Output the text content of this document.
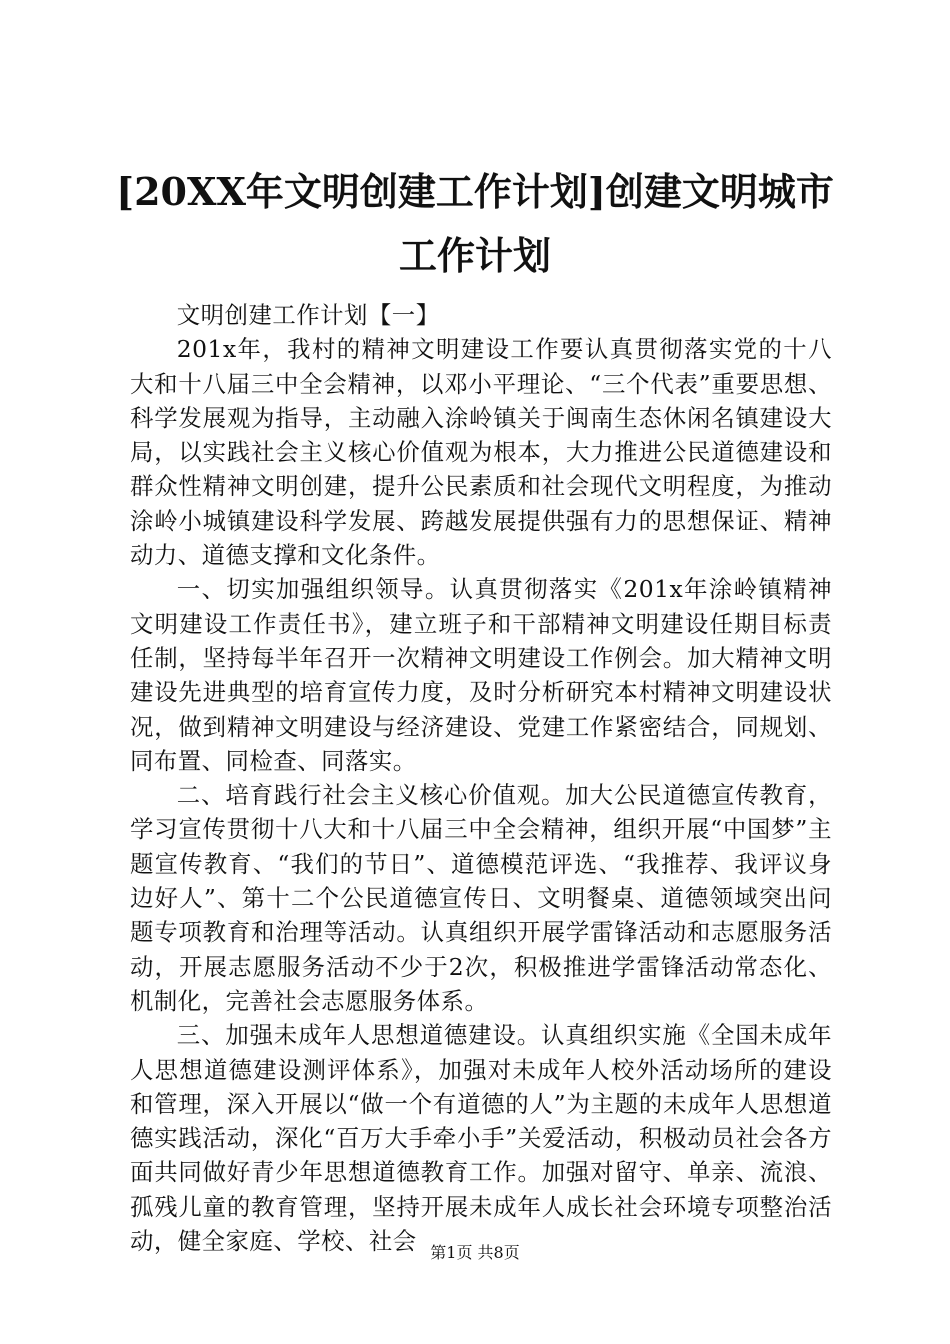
[20XX年文明创建工作计划]创建文明城市工作计划

文明创建工作计划【一】

201x年，我村的精神文明建设工作要认真贯彻落实党的十八大和十八届三中全会精神，以邓小平理论、“三个代表”重要思想、科学发展观为指导，主动融入涂岭镇关于闽南生态休闲名镇建设大局，以实践社会主义核心价值观为根本，大力推进公民道德建设和群众性精神文明创建，提升公民素质和社会现代文明程度，为推动涂岭小城镇建设科学发展、跨越发展提供强有力的思想保证、精神动力、道德支撑和文化条件。

一、切实加强组织领导。认真贯彻落实《201x年涂岭镇精神文明建设工作责任书》，建立班子和干部精神文明建设任期目标责任制，坚持每半年召开一次精神文明建设工作例会。加大精神文明建设先进典型的培育宣传力度，及时分析研究本村精神文明建设状况，做到精神文明建设与经济建设、党建工作紧密结合，同规划、同布置、同检查、同落实。

二、培育践行社会主义核心价值观。加大公民道德宣传教育，学习宣传贯彻十八大和十八届三中全会精神，组织开展“中国梦”主题宣传教育、“我们的节日”、道德模范评选、“我推荐、我评议身边好人”、第十二个公民道德宣传日、文明餐桌、道德领域突出问题专项教育和治理等活动。认真组织开展学雷锋活动和志愿服务活动，开展志愿服务活动不少于2次，积极推进学雷锋活动常态化、机制化，完善社会志愿服务体系。

三、加强未成年人思想道德建设。认真组织实施《全国未成年人思想道德建设测评体系》，加强对未成年人校外活动场所的建设和管理，深入开展以“做一个有道德的人”为主题的未成年人思想道德实践活动，深化“百万大手牵小手”关爱活动，积极动员社会各方面共同做好青少年思想道德教育工作。加强对留守、单亲、流浪、孤残儿童的教育管理，坚持开展未成年人成长社会环境专项整治活动，健全家庭、学校、社会 第1页 共8页
